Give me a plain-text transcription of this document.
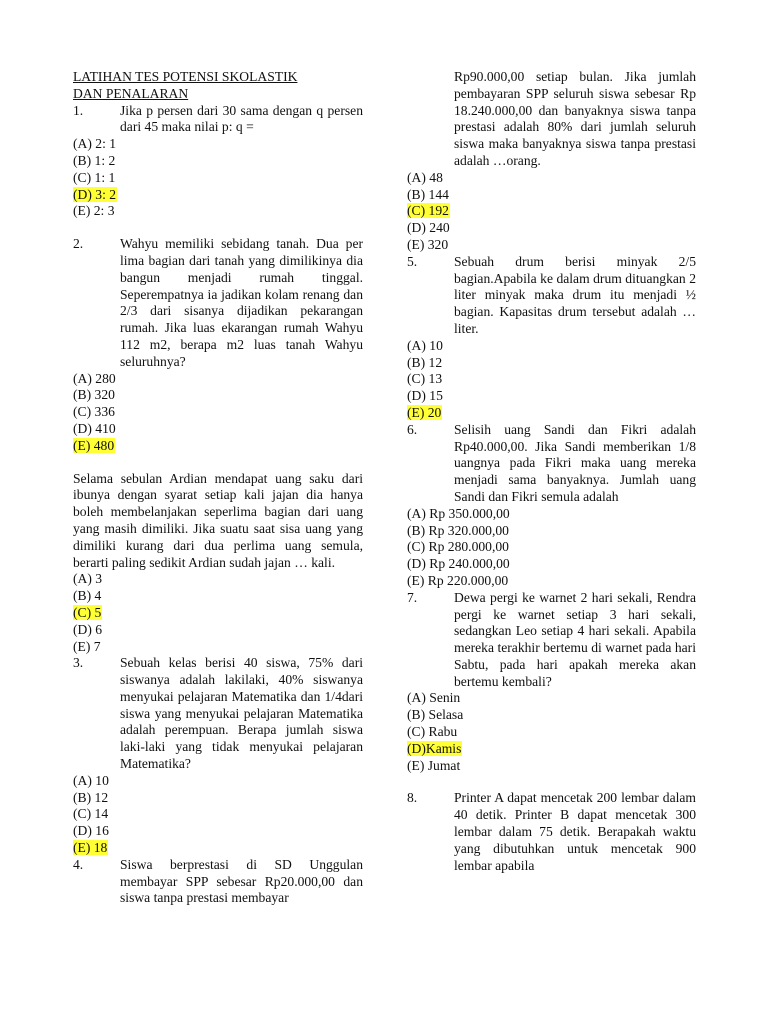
LATIHAN TES POTENSI SKOLASTIK
DAN PENALARAN
1.	Jika p persen dari 30 sama dengan q persen dari 45 maka nilai p: q =
(A) 2: 1
(B) 1: 2
(C) 1: 1
(D) 3: 2
(E) 2: 3
2.	Wahyu memiliki sebidang tanah. Dua per lima bagian dari tanah yang dimilikinya dia bangun menjadi rumah tinggal. Seperempatnya ia jadikan kolam renang dan 2/3 dari sisanya dijadikan pekarangan rumah. Jika luas ekarangan rumah Wahyu 112 m2, berapa m2 luas tanah Wahyu seluruhnya?
(A) 280
(B) 320
(C) 336
(D) 410
(E) 480
Selama sebulan Ardian mendapat uang saku dari ibunya dengan syarat setiap kali jajan dia hanya boleh membelanjakan seperlima bagian dari uang yang masih dimiliki. Jika suatu saat sisa uang yang dimiliki kurang dari dua perlima uang semula, berarti paling sedikit Ardian sudah jajan … kali.
(A) 3
(B) 4
(C) 5
(D) 6
(E) 7
3.	Sebuah kelas berisi 40 siswa, 75% dari siswanya adalah lakilaki, 40% siswanya menyukai pelajaran Matematika dan 1/4dari siswa yang menyukai pelajaran Matematika adalah perempuan. Berapa jumlah siswa laki-laki yang tidak menyukai pelajaran Matematika?
(A) 10
(B) 12
(C) 14
(D) 16
(E) 18
4.	Siswa berprestasi di SD Unggulan membayar SPP sebesar Rp20.000,00 dan siswa tanpa prestasi membayar
Rp90.000,00 setiap bulan. Jika jumlah pembayaran SPP seluruh siswa sebesar Rp 18.240.000,00 dan banyaknya siswa tanpa prestasi adalah 80% dari jumlah seluruh siswa maka banyaknya siswa tanpa prestasi adalah …orang.
(A) 48
(B) 144
(C) 192
(D) 240
(E) 320
5.	Sebuah drum berisi minyak 2/5 bagian.Apabila ke dalam drum dituangkan 2 liter minyak maka drum itu menjadi ½ bagian. Kapasitas drum tersebut adalah … liter.
(A) 10
(B) 12
(C) 13
(D) 15
(E) 20
6.	Selisih uang Sandi dan Fikri adalah Rp40.000,00. Jika Sandi memberikan 1/8 uangnya pada Fikri maka uang mereka menjadi sama banyaknya. Jumlah uang Sandi dan Fikri semula adalah
(A) Rp 350.000,00
(B) Rp 320.000,00
(C) Rp 280.000,00
(D) Rp 240.000,00
(E) Rp 220.000,00
7.	Dewa pergi ke warnet 2 hari sekali, Rendra pergi ke warnet setiap 3 hari sekali, sedangkan Leo setiap 4 hari sekali. Apabila mereka terakhir bertemu di warnet pada hari Sabtu, pada hari apakah mereka akan bertemu kembali?
(A) Senin
(B) Selasa
(C) Rabu
(D)Kamis
(E) Jumat
8.	Printer A dapat mencetak 200 lembar dalam 40 detik. Printer B dapat mencetak 300 lembar dalam 75 detik. Berapakah waktu yang dibutuhkan untuk mencetak 900 lembar apabila
